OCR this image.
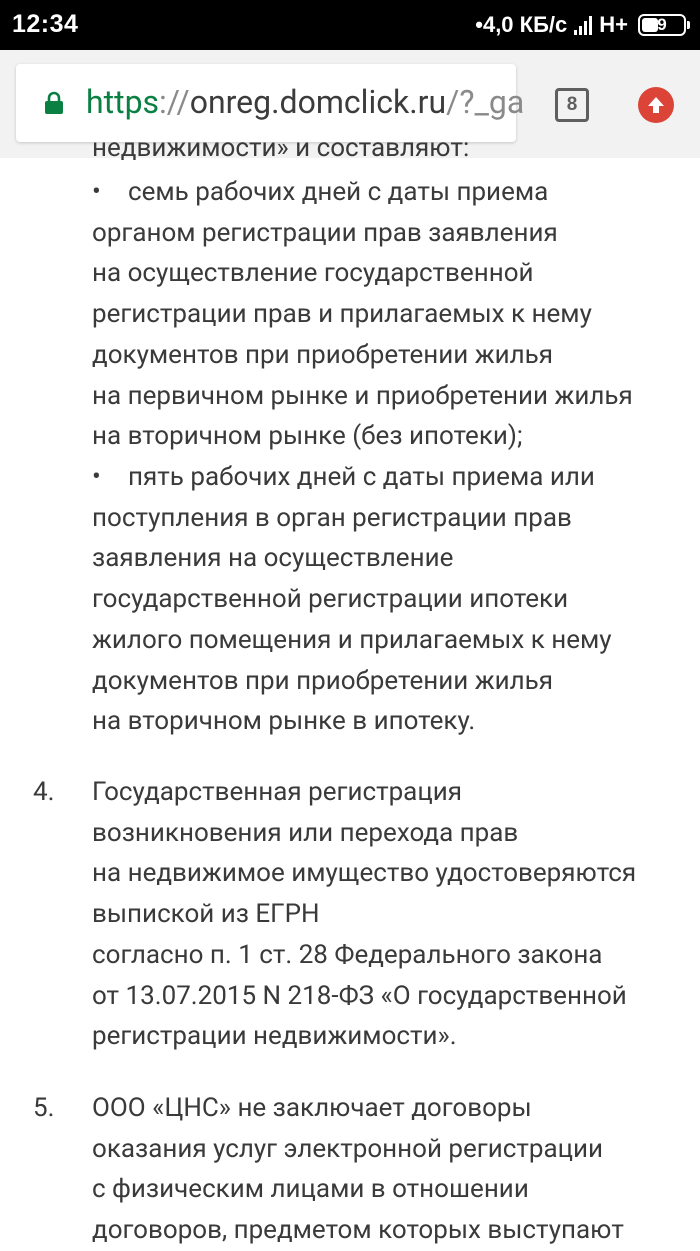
12:34	•4,0 КБ/с H+ 9
https://onreg.domclick.ru/?_ga 8
недвижимости» и составляют:
•	семь рабочих дней с даты приема
органом регистрации прав заявления
на осуществление государственной
регистрации прав и прилагаемых к нему
документов при приобретении жилья
на первичном рынке и приобретении жилья
на вторичном рынке (без ипотеки);
•	пять рабочих дней с даты приема или
поступления в орган регистрации прав
заявления на осуществление
государственной регистрации ипотеки
жилого помещения и прилагаемых к нему
документов при приобретении жилья
на вторичном рынке в ипотеку.
4. Государственная регистрация
возникновения или перехода прав
на недвижимое имущество удостоверяются
выпиской из ЕГРН
согласно п. 1 ст. 28 Федерального закона
от 13.07.2015 N 218-ФЗ «О государственной
регистрации недвижимости».
5. ООО «ЦНС» не заключает договоры
оказания услуг электронной регистрации
с физическим лицами в отношении
договоров, предметом которых выступают
